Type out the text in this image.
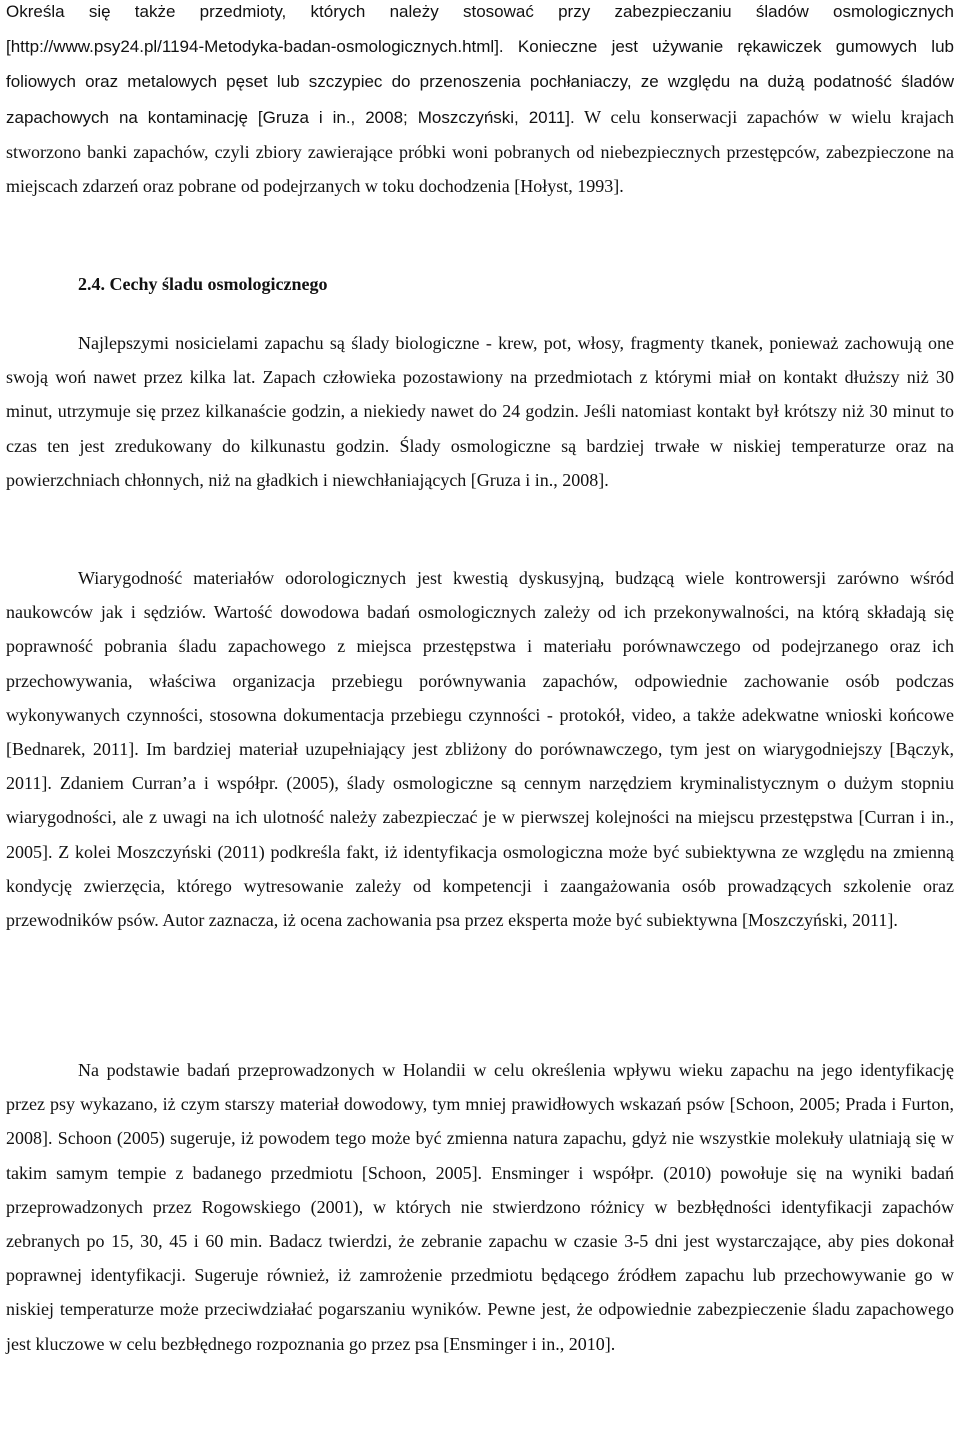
Określa się także przedmioty, których należy stosować przy zabezpieczaniu śladów osmologicznych [http://www.psy24.pl/1194-Metodyka-badan-osmologicznych.html]. Konieczne jest używanie rękawiczek gumowych lub foliowych oraz metalowych pęset lub szczypiec do przenoszenia pochłaniaczy, ze względu na dużą podatność śladów zapachowych na kontaminację [Gruza i in., 2008; Moszczyński, 2011]. W celu konserwacji zapachów w wielu krajach stworzono banki zapachów, czyli zbiory zawierające próbki woni pobranych od niebezpiecznych przestępców, zabezpieczone na miejscach zdarzeń oraz pobrane od podejrzanych w toku dochodzenia [Hołyst, 1993].

2.4. Cechy śladu osmologicznego

Najlepszymi nosicielami zapachu są ślady biologiczne - krew, pot, włosy, fragmenty tkanek, ponieważ zachowują one swoją woń nawet przez kilka lat. Zapach człowieka pozostawiony na przedmiotach z którymi miał on kontakt dłuższy niż 30 minut, utrzymuje się przez kilkanaście godzin, a niekiedy nawet do 24 godzin. Jeśli natomiast kontakt był krótszy niż 30 minut to czas ten jest zredukowany do kilkunastu godzin. Ślady osmologiczne są bardziej trwałe w niskiej temperaturze oraz na powierzchniach chłonnych, niż na gładkich i niewchłaniających [Gruza i in., 2008].

Wiarygodność materiałów odorologicznych jest kwestią dyskusyjną, budzącą wiele kontrowersji zarówno wśród naukowców jak i sędziów. Wartość dowodowa badań osmologicznych zależy od ich przekonywalności, na którą składają się poprawność pobrania śladu zapachowego z miejsca przestępstwa i materiału porównawczego od podejrzanego oraz ich przechowywania, właściwa organizacja przebiegu porównywania zapachów, odpowiednie zachowanie osób podczas wykonywanych czynności, stosowna dokumentacja przebiegu czynności - protokół, video, a także adekwatne wnioski końcowe [Bednarek, 2011]. Im bardziej materiał uzupełniający jest zbliżony do porównawczego, tym jest on wiarygodniejszy [Bączyk, 2011]. Zdaniem Curran’a i współpr. (2005), ślady osmologiczne są cennym narzędziem kryminalistycznym o dużym stopniu wiarygodności, ale z uwagi na ich ulotność należy zabezpieczać je w pierwszej kolejności na miejscu przestępstwa [Curran i in., 2005]. Z kolei Moszczyński (2011) podkreśla fakt, iż identyfikacja osmologiczna może być subiektywna ze względu na zmienną kondycję zwierzęcia, którego wytresowanie zależy od kompetencji i zaangażowania osób prowadzących szkolenie oraz przewodników psów. Autor zaznacza, iż ocena zachowania psa przez eksperta może być subiektywna [Moszczyński, 2011].

Na podstawie badań przeprowadzonych w Holandii w celu określenia wpływu wieku zapachu na jego identyfikację przez psy wykazano, iż czym starszy materiał dowodowy, tym mniej prawidłowych wskazań psów [Schoon, 2005; Prada i Furton, 2008]. Schoon (2005) sugeruje, iż powodem tego może być zmienna natura zapachu, gdyż nie wszystkie molekuły ulatniają się w takim samym tempie z badanego przedmiotu [Schoon, 2005]. Ensminger i współpr. (2010) powołuje się na wyniki badań przeprowadzonych przez Rogowskiego (2001), w których nie stwierdzono różnicy w bezbłędności identyfikacji zapachów zebranych po 15, 30, 45 i 60 min. Badacz twierdzi, że zebranie zapachu w czasie 3-5 dni jest wystarczające, aby pies dokonał poprawnej identyfikacji. Sugeruje również, iż zamrożenie przedmiotu będącego źródłem zapachu lub przechowywanie go w niskiej temperaturze może przeciwdziałać pogarszaniu wyników. Pewne jest, że odpowiednie zabezpieczenie śladu zapachowego jest kluczowe w celu bezbłędnego rozpoznania go przez psa [Ensminger i in., 2010].
